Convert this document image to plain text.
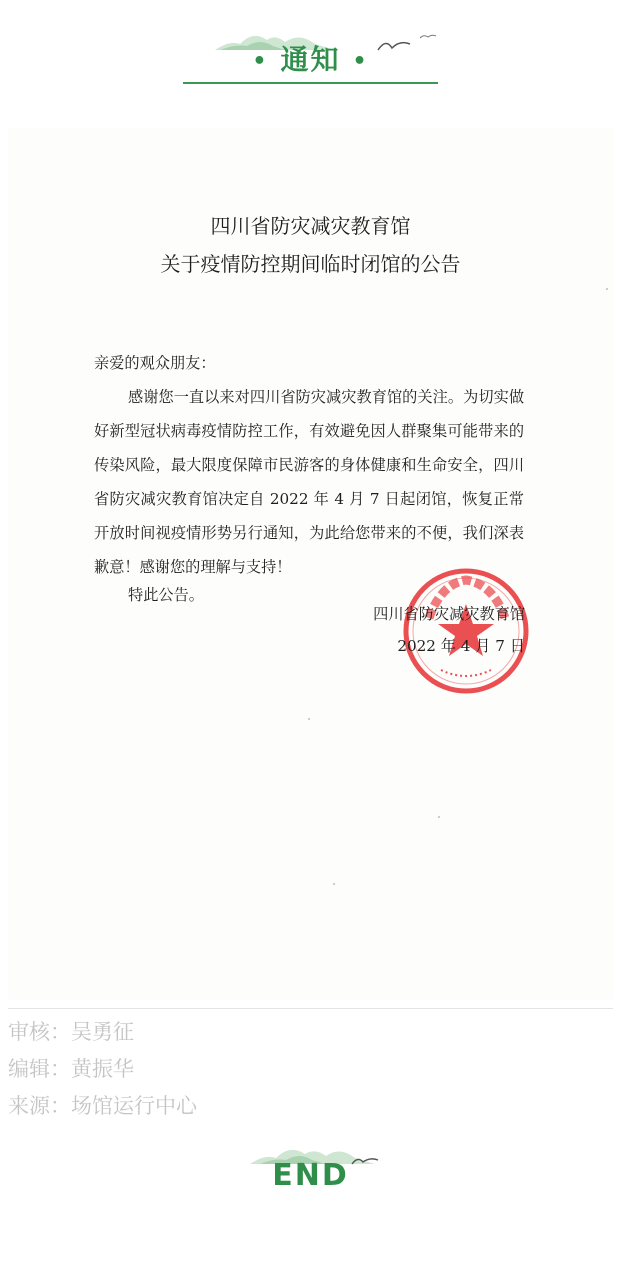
• 通知 •
四川省防灾减灾教育馆
关于疫情防控期间临时闭馆的公告
亲爱的观众朋友：
感谢您一直以来对四川省防灾减灾教育馆的关注。为切实做好新型冠状病毒疫情防控工作，有效避免因人群聚集可能带来的传染风险，最大限度保障市民游客的身体健康和生命安全，四川省防灾减灾教育馆决定自 2022 年 4 月 7 日起闭馆，恢复正常开放时间视疫情形势另行通知，为此给您带来的不便，我们深表歉意！感谢您的理解与支持！
特此公告。
四川省防灾减灾教育馆
2022 年 4 月 7 日
审核：吴勇征
编辑：黄振华
来源：场馆运行中心
END
